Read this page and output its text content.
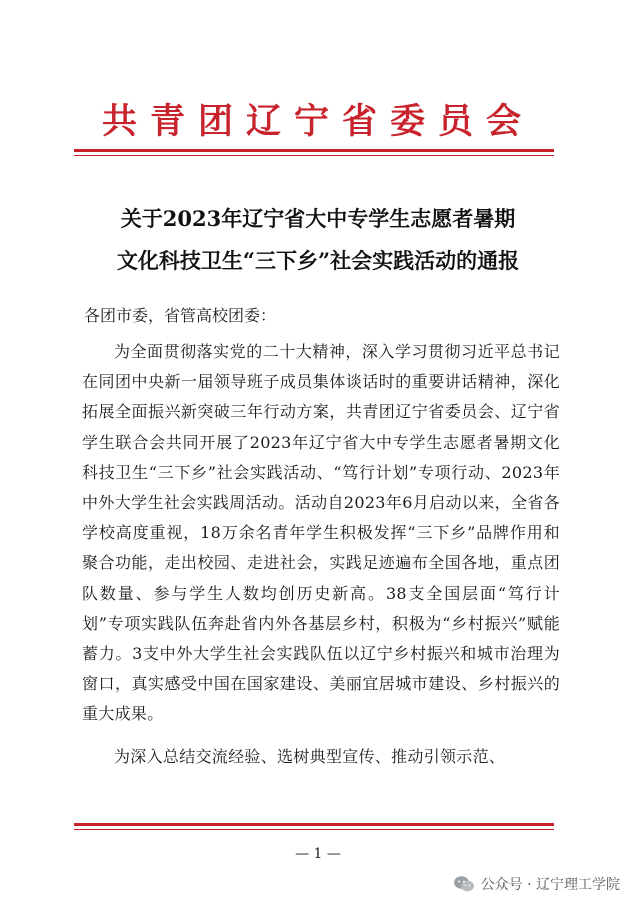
共青团辽宁省委员会
关于2023年辽宁省大中专学生志愿者暑期
文化科技卫生“三下乡”社会实践活动的通报
各团市委，省管高校团委：

为全面贯彻落实党的二十大精神，深入学习贯彻习近平总书记在同团中央新一届领导班子成员集体谈话时的重要讲话精神，深化拓展全面振兴新突破三年行动方案，共青团辽宁省委员会、辽宁省学生联合会共同开展了2023年辽宁省大中专学生志愿者暑期文化科技卫生“三下乡”社会实践活动、“笃行计划”专项行动、2023年中外大学生社会实践周活动。活动自2023年6月启动以来，全省各学校高度重视，18万余名青年学生积极发挥“三下乡”品牌作用和聚合功能，走出校园、走进社会，实践足迹遍布全国各地，重点团队数量、参与学生人数均创历史新高。38支全国层面“笃行计划”专项实践队伍奔赴省内外各基层乡村，积极为“乡村振兴”赋能蓄力。3支中外大学生社会实践队伍以辽宁乡村振兴和城市治理为窗口，真实感受中国在国家建设、美丽宜居城市建设、乡村振兴的重大成果。

为深入总结交流经验、选树典型宣传、推动引领示范、

— 1 —
公众号 · 辽宁理工学院
